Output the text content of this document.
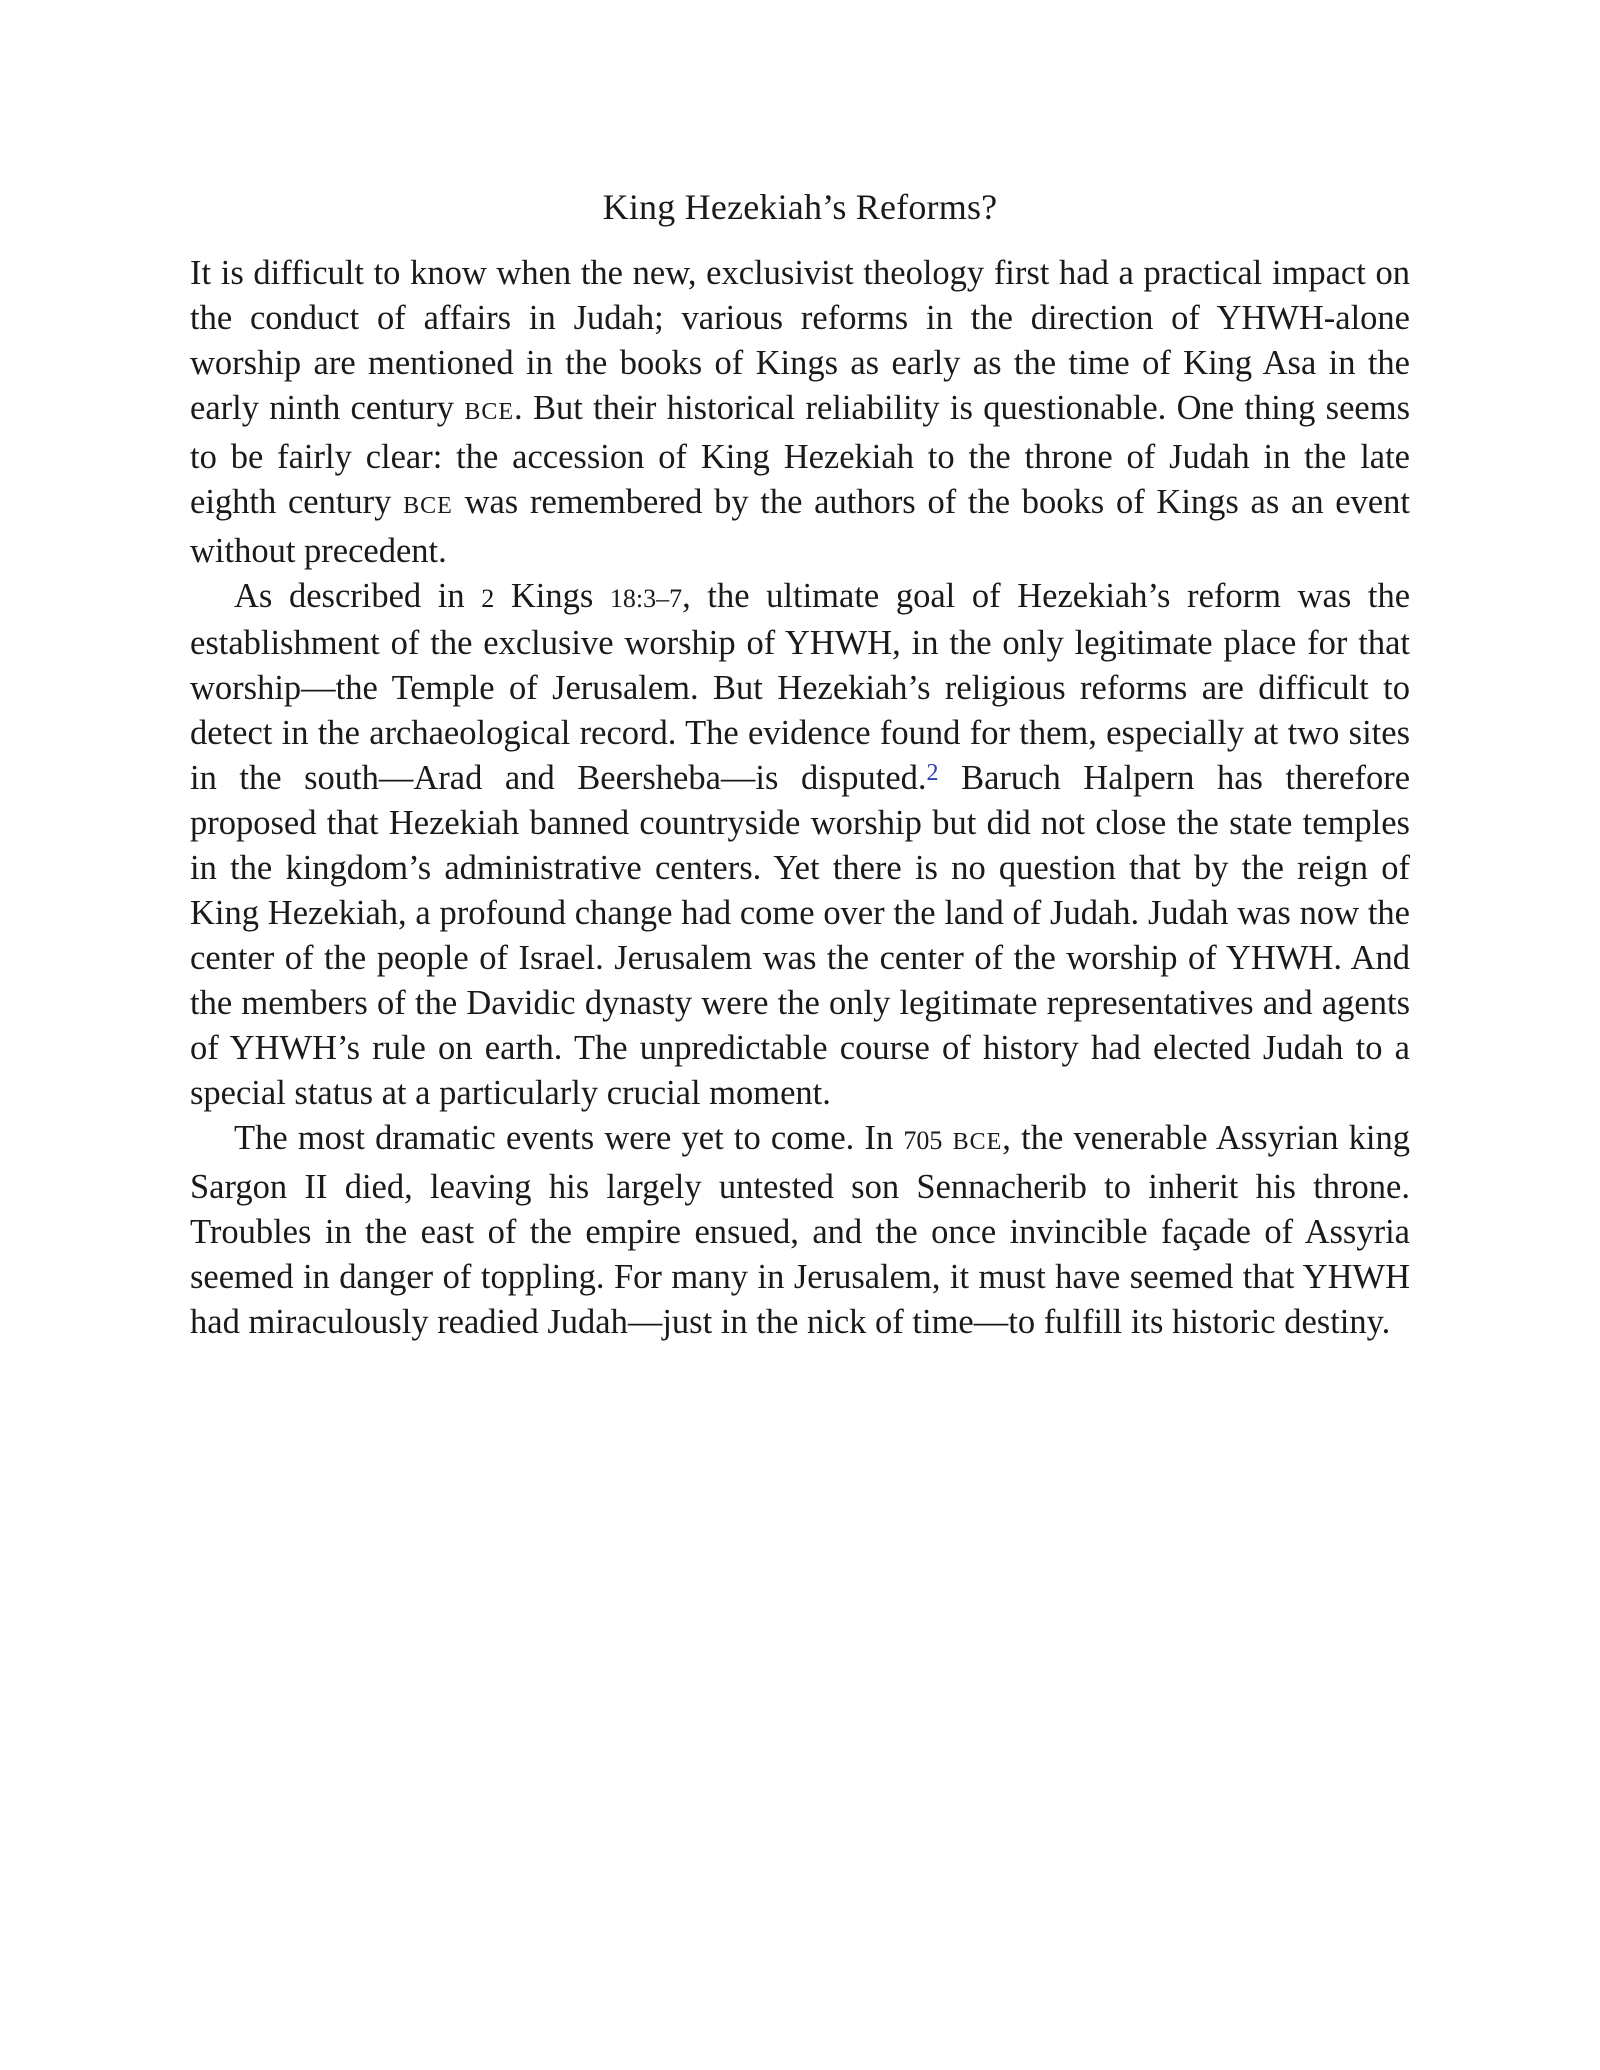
King Hezekiah’s Reforms?

It is difficult to know when the new, exclusivist theology first had a practical impact on the conduct of affairs in Judah; various reforms in the direction of YHWH-alone worship are mentioned in the books of Kings as early as the time of King Asa in the early ninth century BCE. But their historical reliability is questionable. One thing seems to be fairly clear: the accession of King Hezekiah to the throne of Judah in the late eighth century BCE was remembered by the authors of the books of Kings as an event without precedent.

As described in 2 Kings 18:3–7, the ultimate goal of Hezekiah’s reform was the establishment of the exclusive worship of YHWH, in the only legitimate place for that worship—the Temple of Jerusalem. But Hezekiah’s religious reforms are difficult to detect in the archaeological record. The evidence found for them, especially at two sites in the south—Arad and Beersheba—is disputed.$^2$ Baruch Halpern has therefore proposed that Hezekiah banned countryside worship but did not close the state temples in the kingdom’s administrative centers. Yet there is no question that by the reign of King Hezekiah, a profound change had come over the land of Judah. Judah was now the center of the people of Israel. Jerusalem was the center of the worship of YHWH. And the members of the Davidic dynasty were the only legitimate representatives and agents of YHWH’s rule on earth. The unpredictable course of history had elected Judah to a special status at a particularly crucial moment.

The most dramatic events were yet to come. In 705 BCE, the venerable Assyrian king Sargon II died, leaving his largely untested son Sennacherib to inherit his throne. Troubles in the east of the empire ensued, and the once invincible façade of Assyria seemed in danger of toppling. For many in Jerusalem, it must have seemed that YHWH had miraculously readied Judah—just in the nick of time—to fulfill its historic destiny.
